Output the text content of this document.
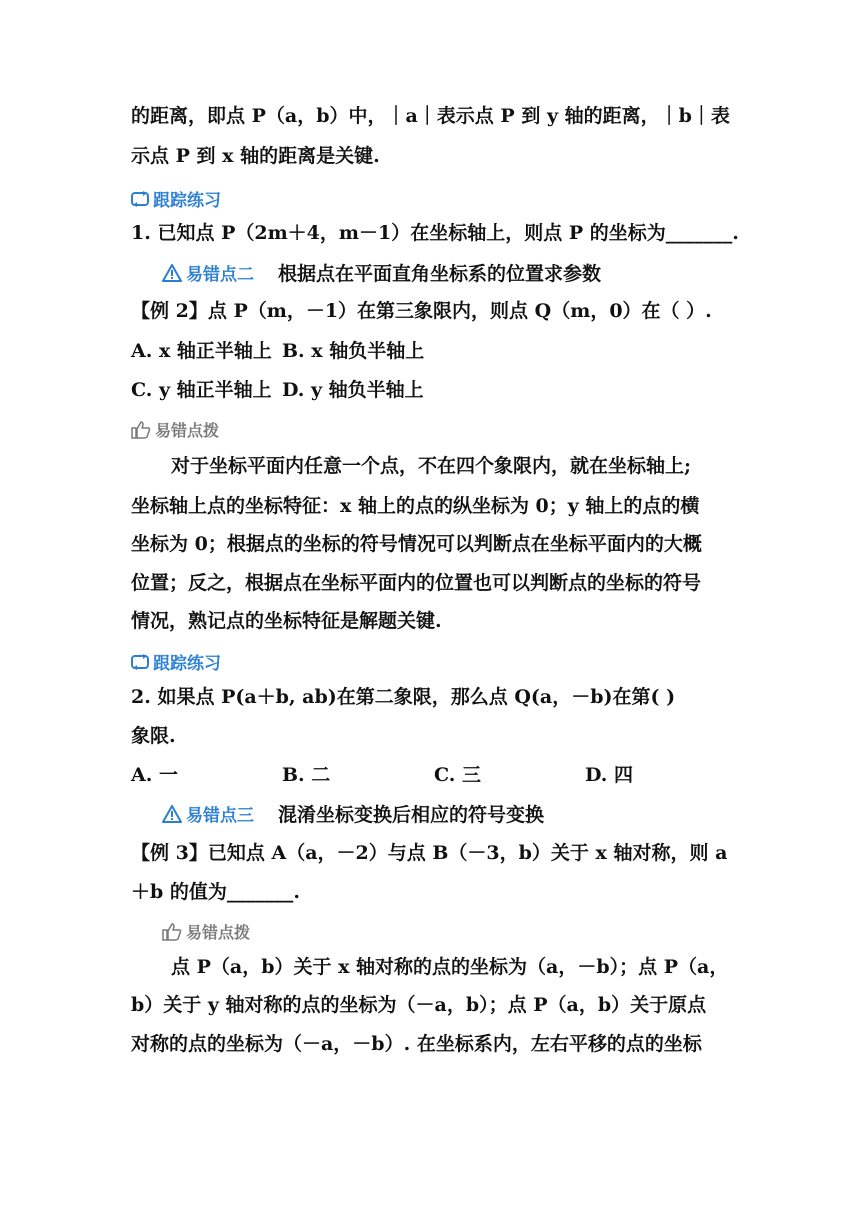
的距离，即点 P（a，b）中，｜a｜表示点 P 到 y 轴的距离，｜b｜表
示点 P 到 x 轴的距离是关键.
跟踪练习
1. 已知点 P（2m＋4，m－1）在坐标轴上，则点 P 的坐标为_______.
易错点二 根据点在平面直角坐标系的位置求参数
【例 2】点 P（m，－1）在第三象限内，则点 Q（m，0）在（ ）.
A. x 轴正半轴上 B. x 轴负半轴上
C. y 轴正半轴上 D. y 轴负半轴上
易错点拨
对于坐标平面内任意一个点，不在四个象限内，就在坐标轴上;
坐标轴上点的坐标特征：x 轴上的点的纵坐标为 0；y 轴上的点的横
坐标为 0；根据点的坐标的符号情况可以判断点在坐标平面内的大概
位置；反之，根据点在坐标平面内的位置也可以判断点的坐标的符号
情况，熟记点的坐标特征是解题关键.
跟踪练习
2. 如果点 P(a＋b, ab)在第二象限，那么点 Q(a，－b)在第( )
象限.
A. 一	B. 二	C. 三	D. 四
易错点三 混淆坐标变换后相应的符号变换
【例 3】已知点 A（a，－2）与点 B（－3，b）关于 x 轴对称，则 a
＋b 的值为_______.
易错点拨
点 P（a，b）关于 x 轴对称的点的坐标为（a，－b）；点 P（a，
b）关于 y 轴对称的点的坐标为（－a，b）；点 P（a，b）关于原点
对称的点的坐标为（－a，－b）. 在坐标系内，左右平移的点的坐标
